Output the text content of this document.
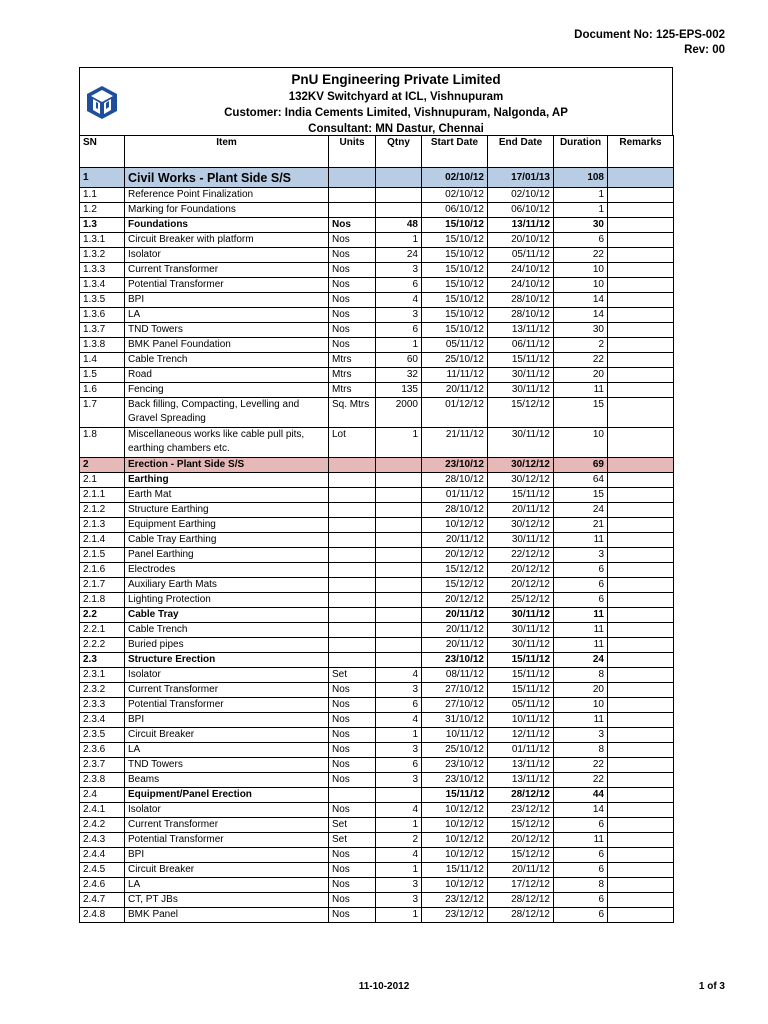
Document No: 125-EPS-002
Rev: 00
PnU Engineering Private Limited
132KV Switchyard at ICL, Vishnupuram
Customer: India Cements Limited, Vishnupuram, Nalgonda, AP
Consultant: MN Dastur, Chennai
SN	Item	Units	Qtny	Start Date	End Date	Duration	Remarks
1	Civil Works - Plant Side S/S			02/10/12	17/01/13	108	
1.1	Reference Point Finalization			02/10/12	02/10/12	1	
1.2	Marking for Foundations			06/10/12	06/10/12	1	
1.3	Foundations	Nos	48	15/10/12	13/11/12	30	
1.3.1	Circuit Breaker with platform	Nos	1	15/10/12	20/10/12	6	
1.3.2	Isolator	Nos	24	15/10/12	05/11/12	22	
1.3.3	Current Transformer	Nos	3	15/10/12	24/10/12	10	
1.3.4	Potential Transformer	Nos	6	15/10/12	24/10/12	10	
1.3.5	BPI	Nos	4	15/10/12	28/10/12	14	
1.3.6	LA	Nos	3	15/10/12	28/10/12	14	
1.3.7	TND Towers	Nos	6	15/10/12	13/11/12	30	
1.3.8	BMK Panel Foundation	Nos	1	05/11/12	06/11/12	2	
1.4	Cable Trench	Mtrs	60	25/10/12	15/11/12	22	
1.5	Road	Mtrs	32	11/11/12	30/11/12	20	
1.6	Fencing	Mtrs	135	20/11/12	30/11/12	11	
1.7	Back filling, Compacting, Levelling and Gravel Spreading	Sq. Mtrs	2000	01/12/12	15/12/12	15	
1.8	Miscellaneous works like cable pull pits, earthing chambers etc.	Lot	1	21/11/12	30/11/12	10	
2	Erection - Plant Side S/S			23/10/12	30/12/12	69	
2.1	Earthing			28/10/12	30/12/12	64	
2.1.1	Earth Mat			01/11/12	15/11/12	15	
2.1.2	Structure Earthing			28/10/12	20/11/12	24	
2.1.3	Equipment Earthing			10/12/12	30/12/12	21	
2.1.4	Cable Tray Earthing			20/11/12	30/11/12	11	
2.1.5	Panel Earthing			20/12/12	22/12/12	3	
2.1.6	Electrodes			15/12/12	20/12/12	6	
2.1.7	Auxiliary Earth Mats			15/12/12	20/12/12	6	
2.1.8	Lighting Protection			20/12/12	25/12/12	6	
2.2	Cable Tray			20/11/12	30/11/12	11	
2.2.1	Cable Trench			20/11/12	30/11/12	11	
2.2.2	Buried pipes			20/11/12	30/11/12	11	
2.3	Structure Erection			23/10/12	15/11/12	24	
2.3.1	Isolator	Set	4	08/11/12	15/11/12	8	
2.3.2	Current Transformer	Nos	3	27/10/12	15/11/12	20	
2.3.3	Potential Transformer	Nos	6	27/10/12	05/11/12	10	
2.3.4	BPI	Nos	4	31/10/12	10/11/12	11	
2.3.5	Circuit Breaker	Nos	1	10/11/12	12/11/12	3	
2.3.6	LA	Nos	3	25/10/12	01/11/12	8	
2.3.7	TND Towers	Nos	6	23/10/12	13/11/12	22	
2.3.8	Beams	Nos	3	23/10/12	13/11/12	22	
2.4	Equipment/Panel Erection			15/11/12	28/12/12	44	
2.4.1	Isolator	Nos	4	10/12/12	23/12/12	14	
2.4.2	Current Transformer	Set	1	10/12/12	15/12/12	6	
2.4.3	Potential Transformer	Set	2	10/12/12	20/12/12	11	
2.4.4	BPI	Nos	4	10/12/12	15/12/12	6	
2.4.5	Circuit Breaker	Nos	1	15/11/12	20/11/12	6	
2.4.6	LA	Nos	3	10/12/12	17/12/12	8	
2.4.7	CT, PT JBs	Nos	3	23/12/12	28/12/12	6	
2.4.8	BMK Panel	Nos	1	23/12/12	28/12/12	6	
11-10-2012	1 of 3
